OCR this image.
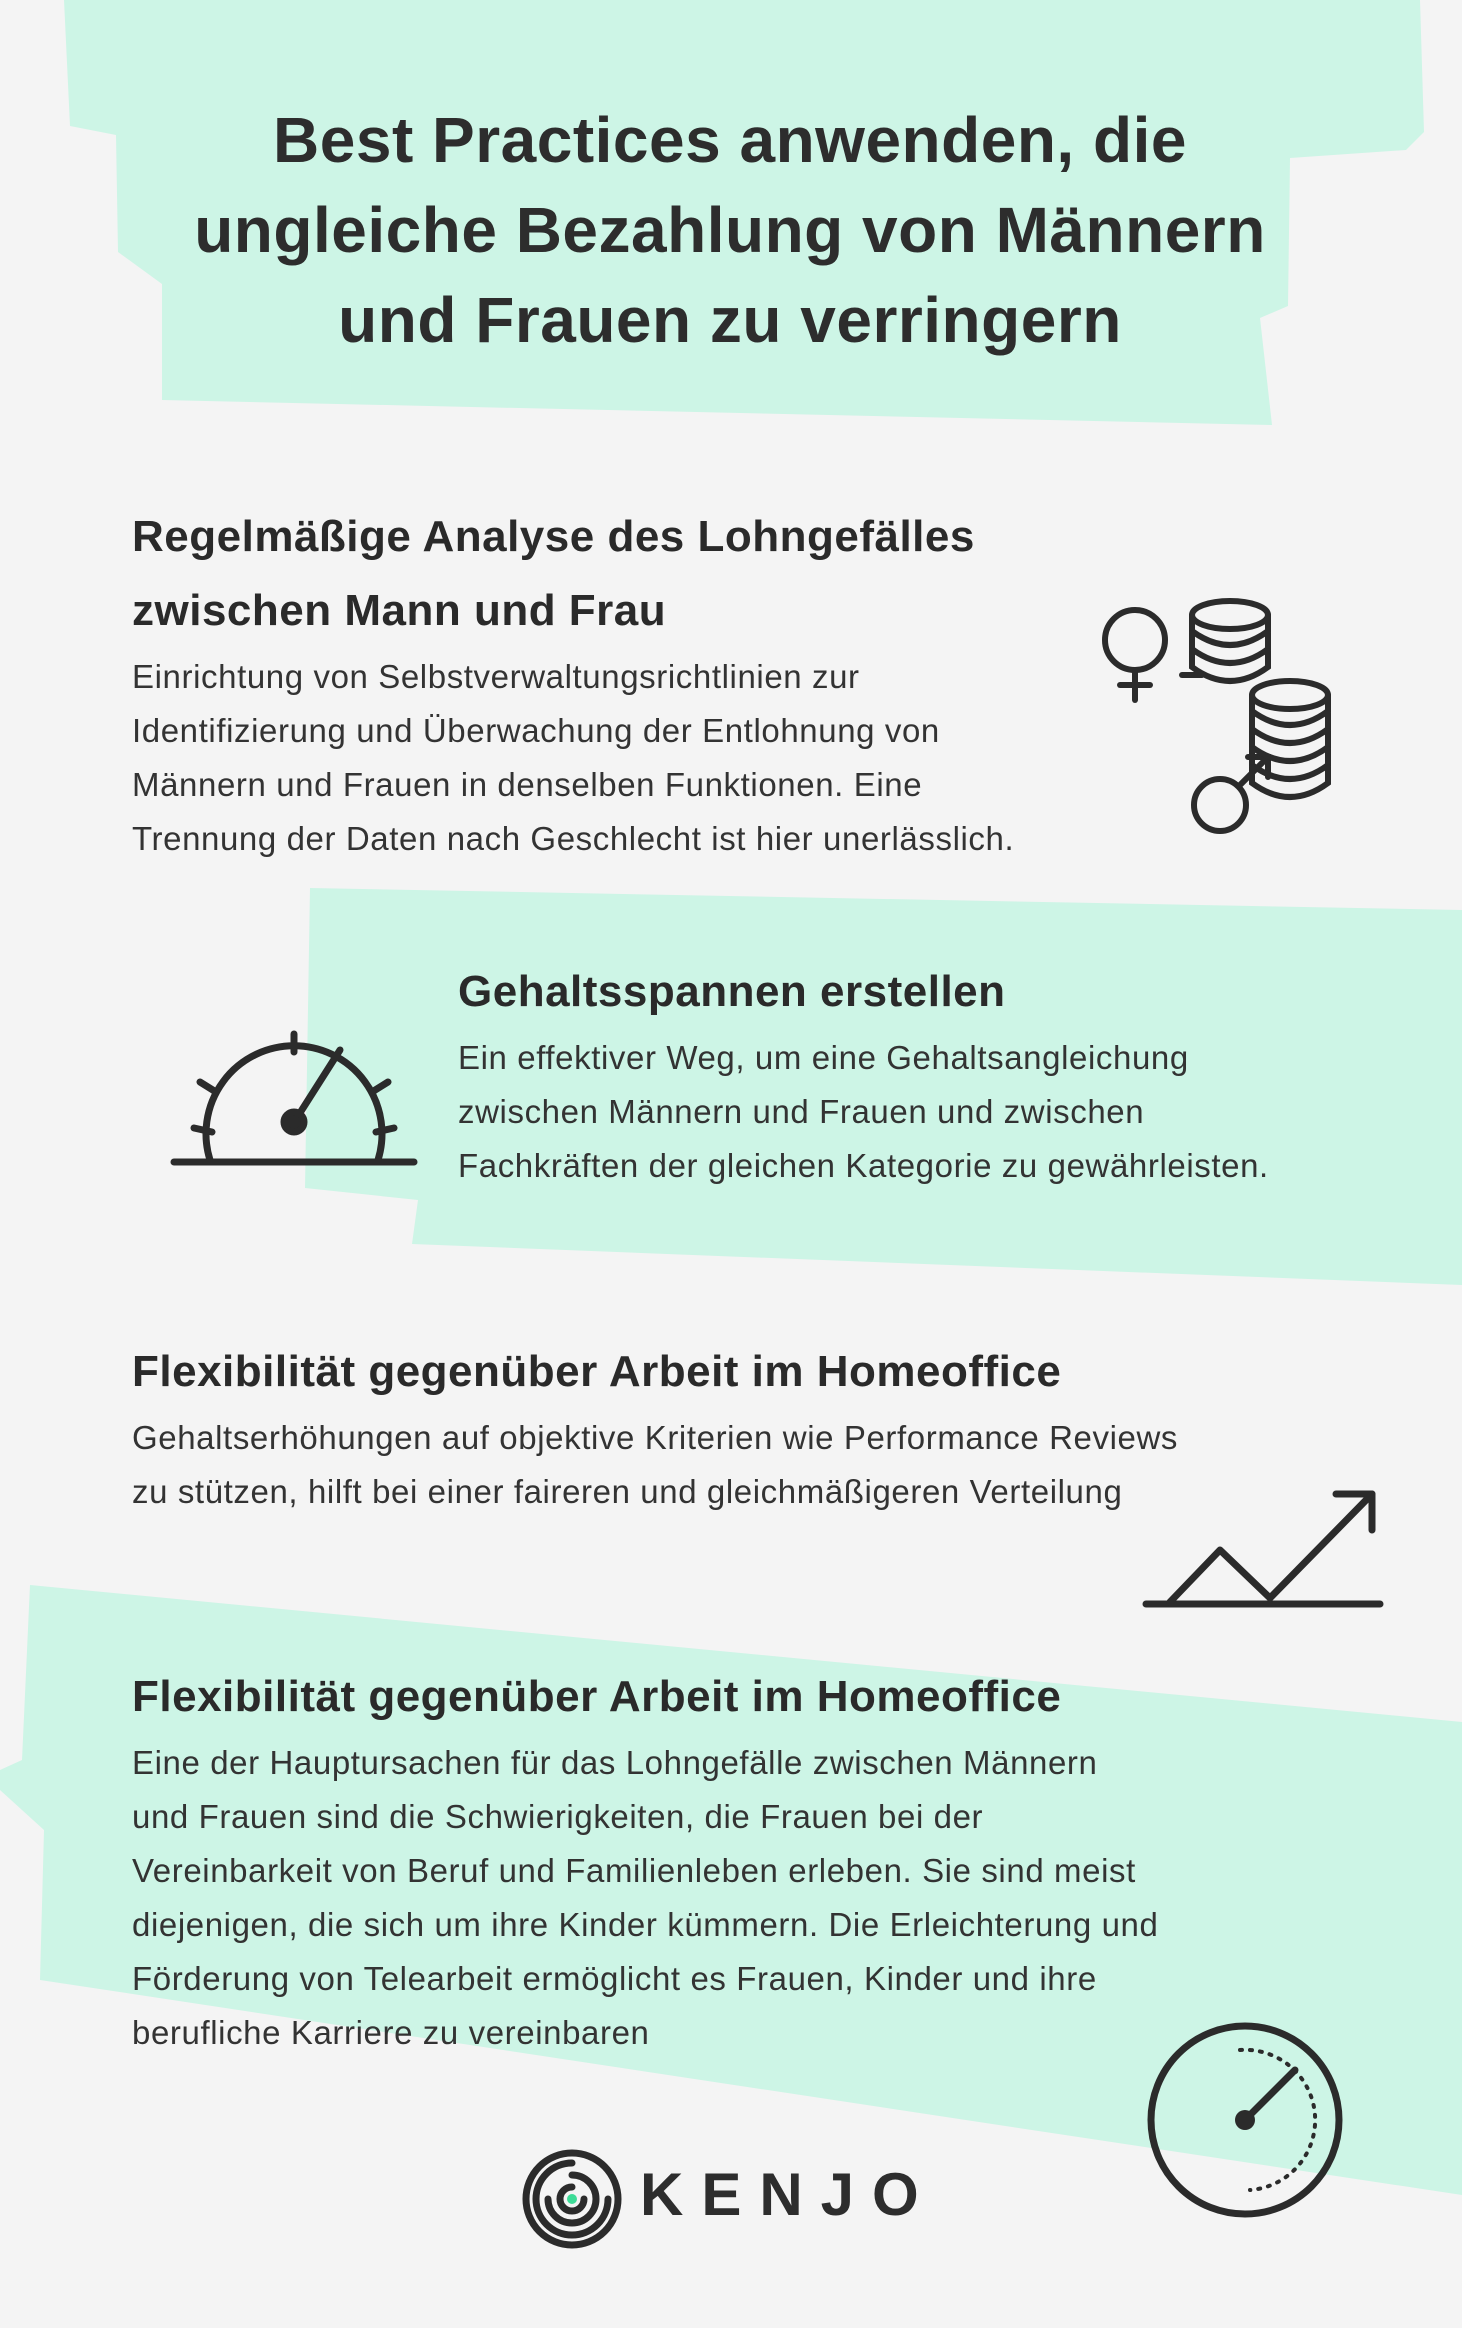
Best Practices anwenden, die
ungleiche Bezahlung von Männern
und Frauen zu verringern
Regelmäßige Analyse des Lohngefälles
zwischen Mann und Frau
Einrichtung von Selbstverwaltungsrichtlinien zur
Identifizierung und Überwachung der Entlohnung von
Männern und Frauen in denselben Funktionen. Eine
Trennung der Daten nach Geschlecht ist hier unerlässlich.
Gehaltsspannen erstellen
Ein effektiver Weg, um eine Gehaltsangleichung
zwischen Männern und Frauen und zwischen
Fachkräften der gleichen Kategorie zu gewährleisten.
Flexibilität gegenüber Arbeit im Homeoffice
Gehaltserhöhungen auf objektive Kriterien wie Performance Reviews
zu stützen, hilft bei einer faireren und gleichmäßigeren Verteilung
Flexibilität gegenüber Arbeit im Homeoffice
Eine der Hauptursachen für das Lohngefälle zwischen Männern
und Frauen sind die Schwierigkeiten, die Frauen bei der
Vereinbarkeit von Beruf und Familienleben erleben. Sie sind meist
diejenigen, die sich um ihre Kinder kümmern. Die Erleichterung und
Förderung von Telearbeit ermöglicht es Frauen, Kinder und ihre
berufliche Karriere zu vereinbaren
KENJO
